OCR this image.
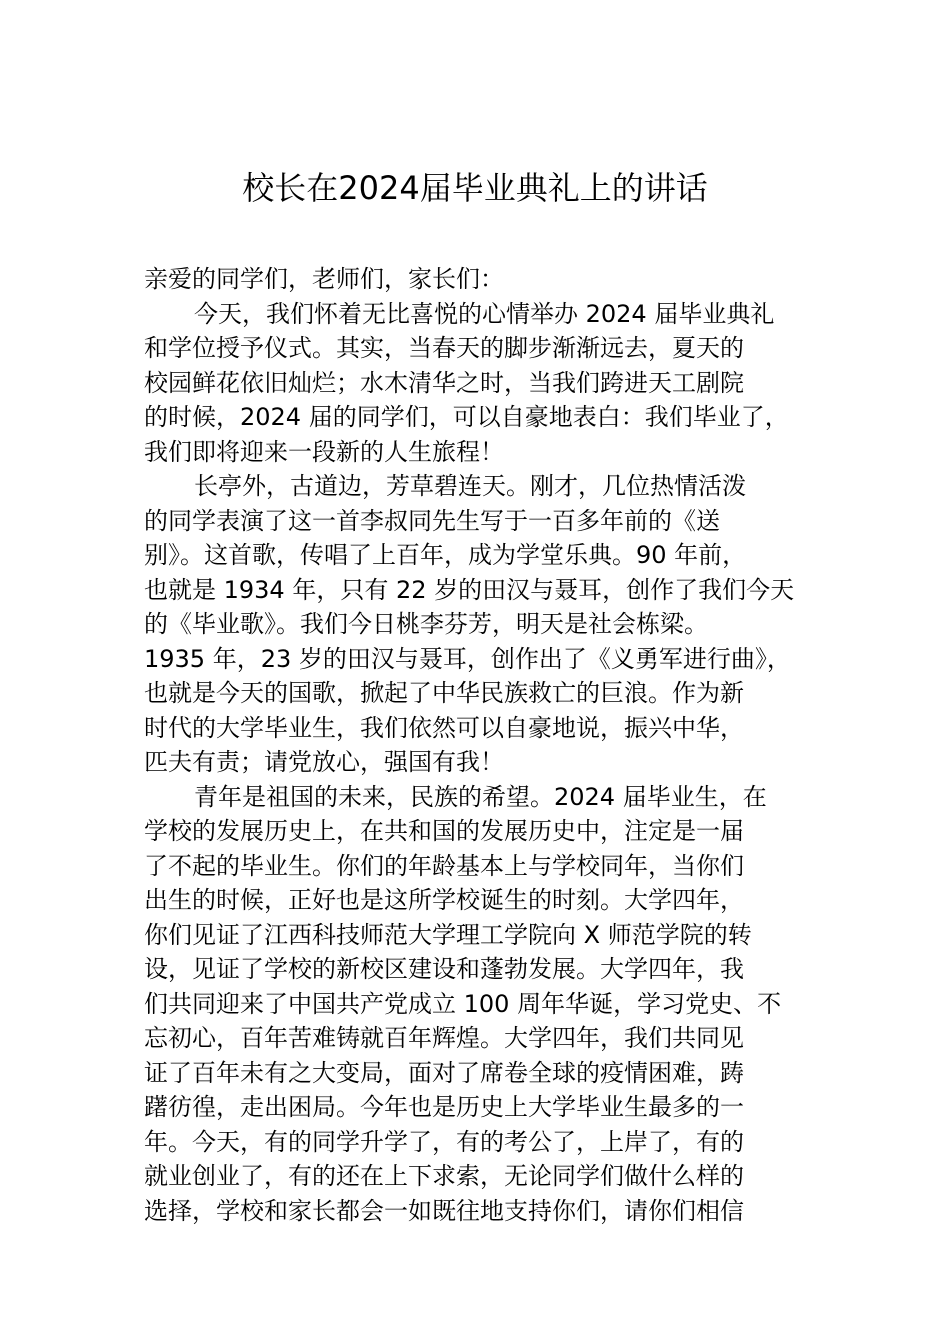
校长在2024届毕业典礼上的讲话
亲爱的同学们，老师们，家长们：
今天，我们怀着无比喜悦的心情举办 2024 届毕业典礼
和学位授予仪式。其实，当春天的脚步渐渐远去，夏天的
校园鲜花依旧灿烂；水木清华之时，当我们跨进天工剧院
的时候，2024 届的同学们，可以自豪地表白：我们毕业了，
我们即将迎来一段新的人生旅程！
长亭外，古道边，芳草碧连天。刚才，几位热情活泼
的同学表演了这一首李叔同先生写于一百多年前的《送
别》。这首歌，传唱了上百年，成为学堂乐典。90 年前，
也就是 1934 年，只有 22 岁的田汉与聂耳，创作了我们今天
的《毕业歌》。我们今日桃李芬芳，明天是社会栋梁。
1935 年，23 岁的田汉与聂耳，创作出了《义勇军进行曲》，
也就是今天的国歌，掀起了中华民族救亡的巨浪。作为新
时代的大学毕业生，我们依然可以自豪地说，振兴中华，
匹夫有责；请党放心，强国有我！
青年是祖国的未来，民族的希望。2024 届毕业生，在
学校的发展历史上，在共和国的发展历史中，注定是一届
了不起的毕业生。你们的年龄基本上与学校同年，当你们
出生的时候，正好也是这所学校诞生的时刻。大学四年，
你们见证了江西科技师范大学理工学院向 X 师范学院的转
设，见证了学校的新校区建设和蓬勃发展。大学四年，我
们共同迎来了中国共产党成立 100 周年华诞，学习党史、不
忘初心，百年苦难铸就百年辉煌。大学四年，我们共同见
证了百年未有之大变局，面对了席卷全球的疫情困难，踌
躇彷徨，走出困局。今年也是历史上大学毕业生最多的一
年。今天，有的同学升学了，有的考公了，上岸了，有的
就业创业了，有的还在上下求索，无论同学们做什么样的
选择，学校和家长都会一如既往地支持你们，请你们相信
